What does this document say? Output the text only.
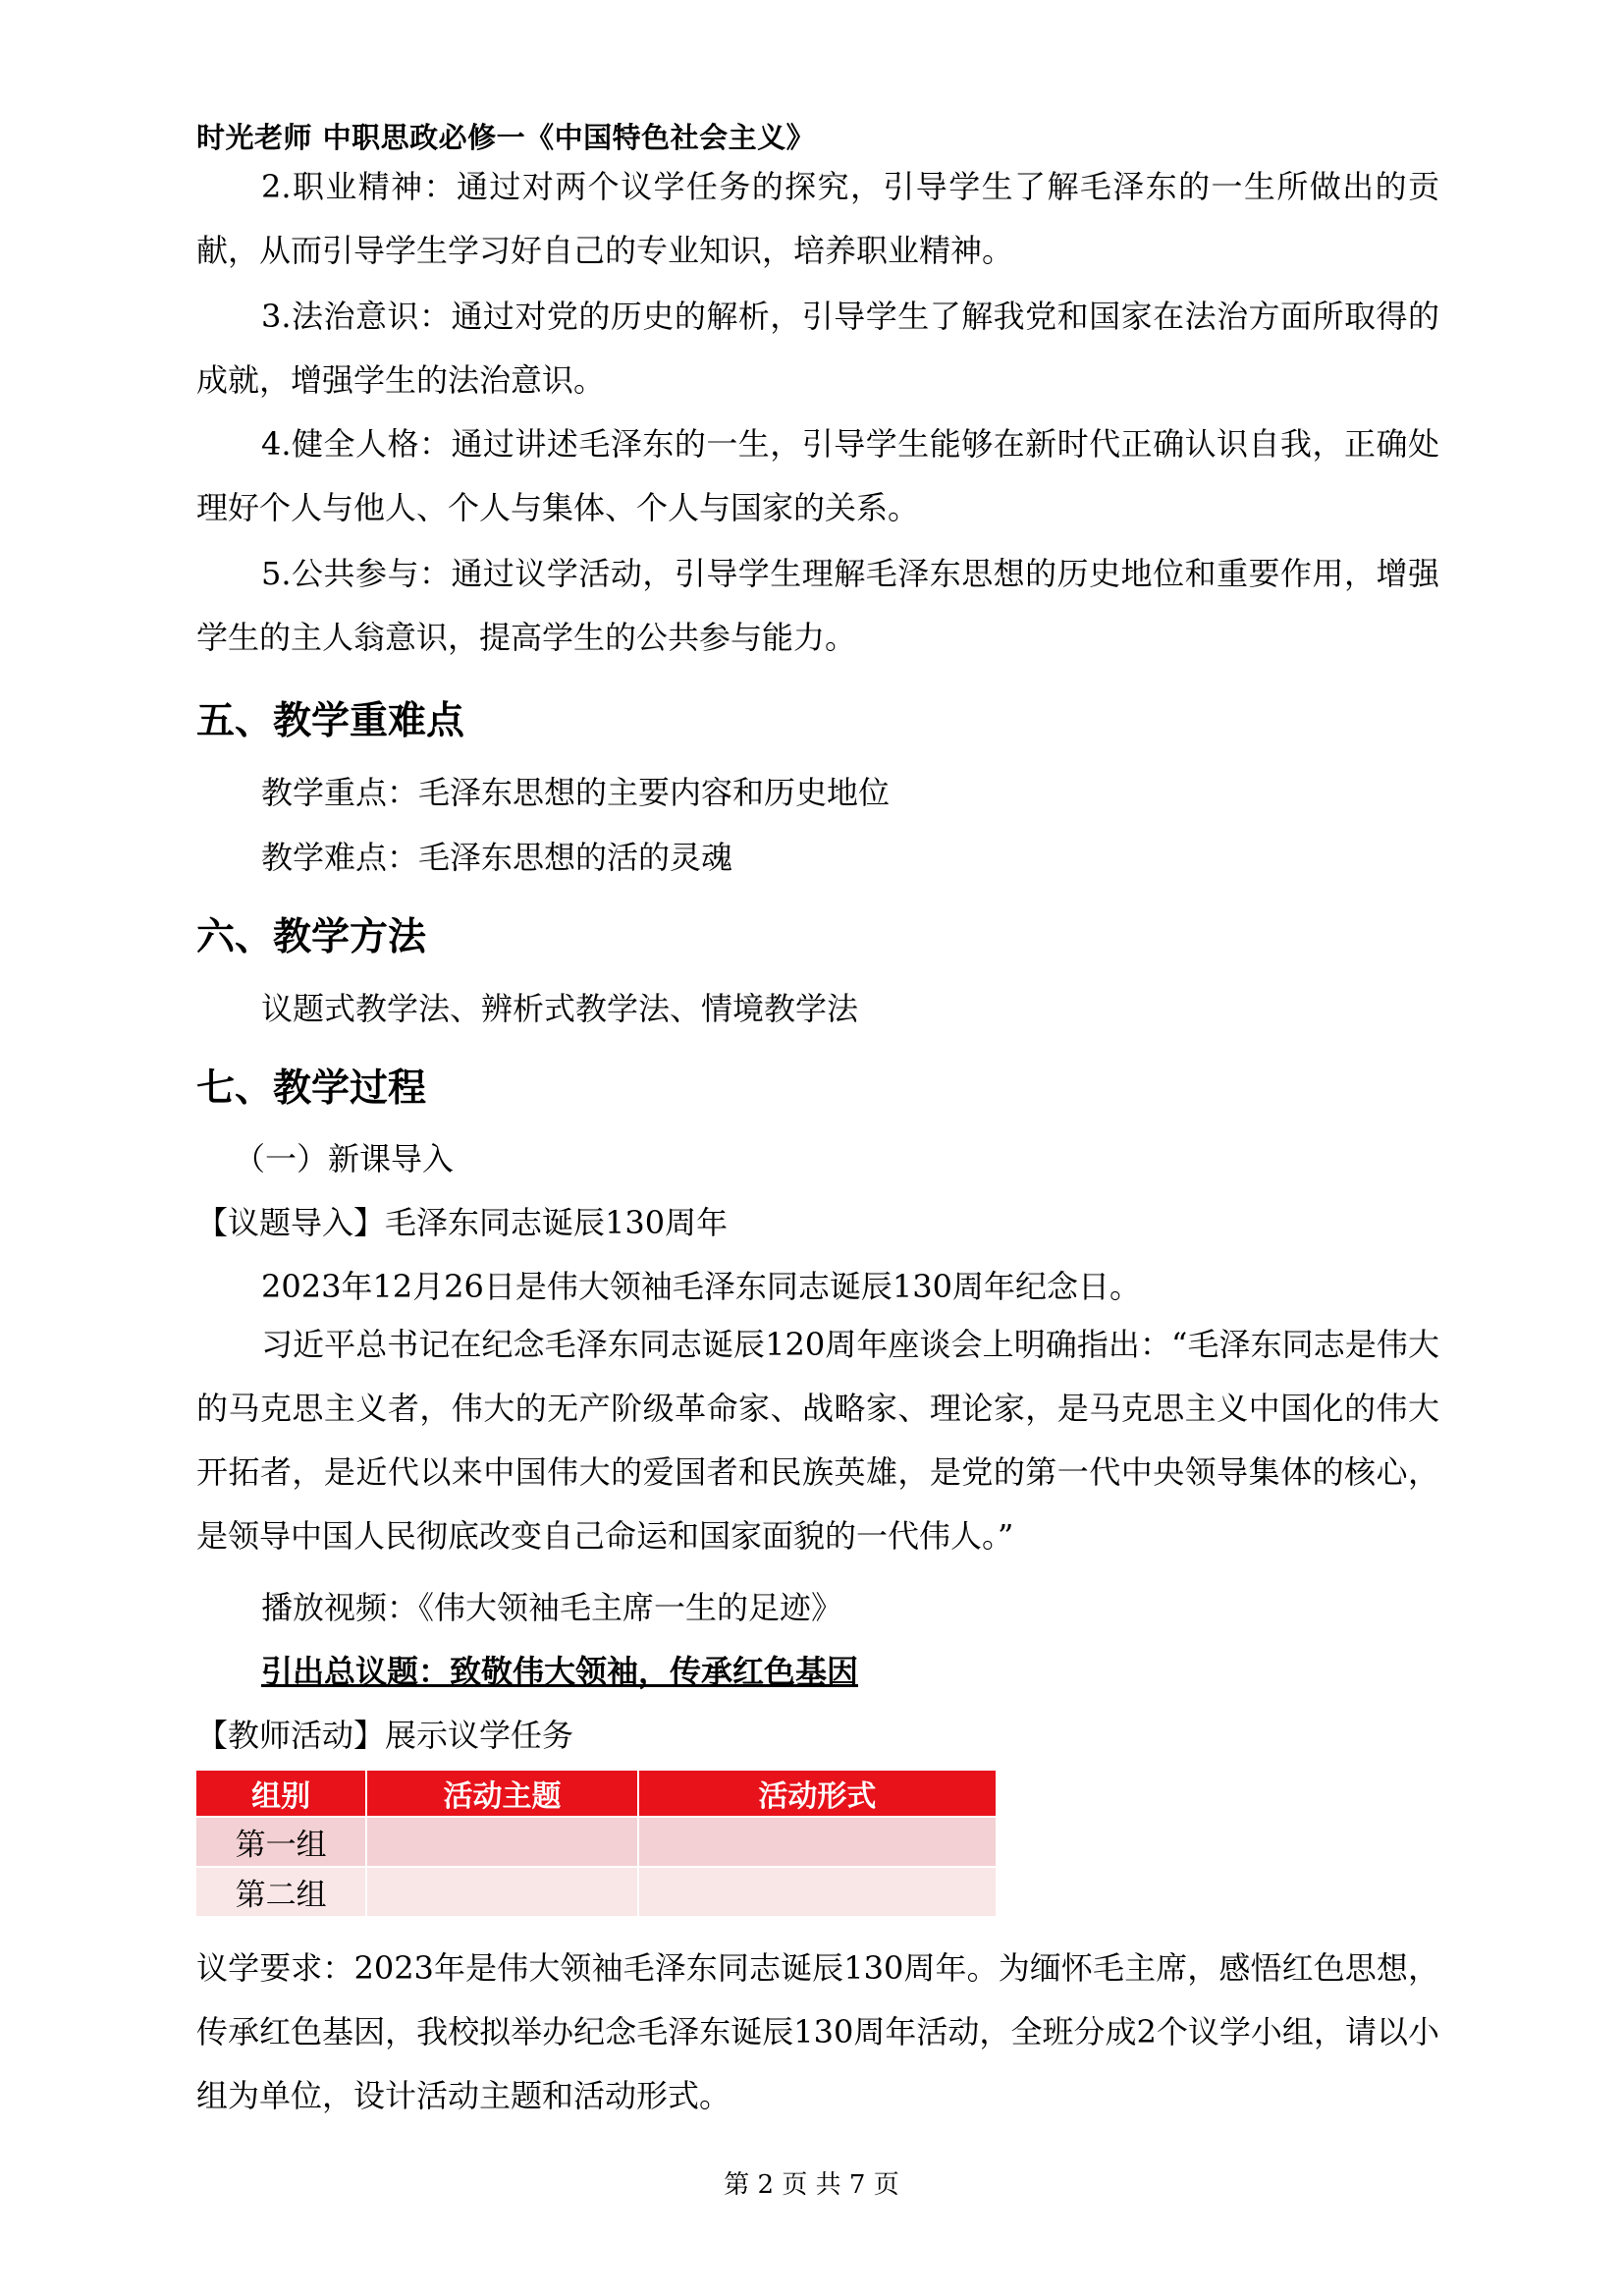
时光老师 中职思政必修一《中国特色社会主义》
2.职业精神：通过对两个议学任务的探究，引导学生了解毛泽东的一生所做出的贡献，从而引导学生学习好自己的专业知识，培养职业精神。
3.法治意识：通过对党的历史的解析，引导学生了解我党和国家在法治方面所取得的成就，增强学生的法治意识。
4.健全人格：通过讲述毛泽东的一生，引导学生能够在新时代正确认识自我，正确处理好个人与他人、个人与集体、个人与国家的关系。
5.公共参与：通过议学活动，引导学生理解毛泽东思想的历史地位和重要作用，增强学生的主人翁意识，提高学生的公共参与能力。
五、教学重难点
教学重点：毛泽东思想的主要内容和历史地位
教学难点：毛泽东思想的活的灵魂
六、教学方法
议题式教学法、辨析式教学法、情境教学法
七、教学过程
（一）新课导入
【议题导入】毛泽东同志诞辰130周年
2023年12月26日是伟大领袖毛泽东同志诞辰130周年纪念日。
习近平总书记在纪念毛泽东同志诞辰120周年座谈会上明确指出：“毛泽东同志是伟大的马克思主义者，伟大的无产阶级革命家、战略家、理论家，是马克思主义中国化的伟大开拓者，是近代以来中国伟大的爱国者和民族英雄，是党的第一代中央领导集体的核心，是领导中国人民彻底改变自己命运和国家面貌的一代伟人。”
播放视频：《伟大领袖毛主席一生的足迹》
引出总议题：致敬伟大领袖，传承红色基因
【教师活动】展示议学任务
组别	活动主题	活动形式
第一组		
第二组		
议学要求：2023年是伟大领袖毛泽东同志诞辰130周年。为缅怀毛主席，感悟红色思想，传承红色基因，我校拟举办纪念毛泽东诞辰130周年活动，全班分成2个议学小组，请以小组为单位，设计活动主题和活动形式。
第 2 页 共 7 页
